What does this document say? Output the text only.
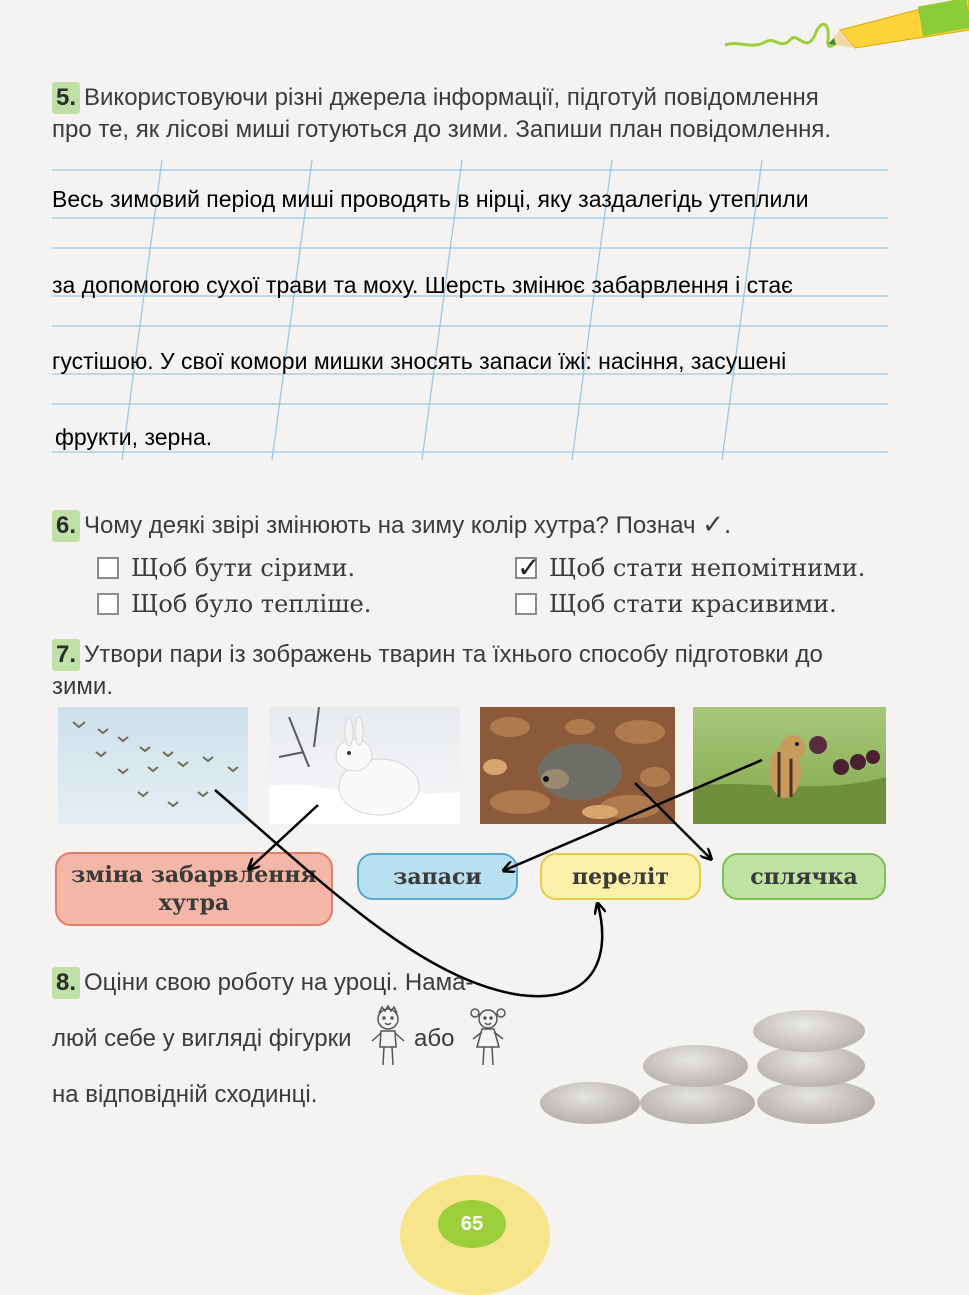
5. Використовуючи різні джерела інформації, підготуй повідомлення
про те, як лісові миші готуються до зими. Запиши план повідомлення.
Весь зимовий період миші проводять в нірці, яку заздалегідь утеплили
за допомогою сухої трави та моху. Шерсть змінює забарвлення і стає
густішою. У свої комори мишки зносять запаси їжі: насіння, засушені
фрукти, зерна.
6. Чому деякі звірі змінюють на зиму колір хутра? Познач ✓.
Щоб бути сірими.	✓ Щоб стати непомітними.
Щоб було тепліше.	Щоб стати красивими.
7. Утвори пари із зображень тварин та їхнього способу підготовки до
зими.
зміна забарвлення
хутра
запаси	переліт	сплячка
8. Оціни свою роботу на уроці. Нама-
люй себе у вигляді фігурки	або
на відповідній сходинці.
65
